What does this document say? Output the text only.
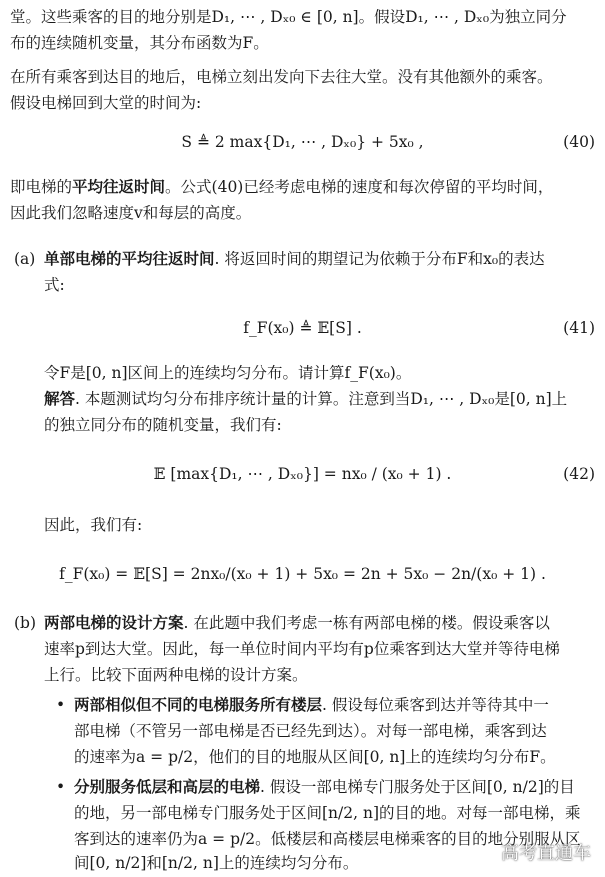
堂。这些乘客的目的地分别是D₁, ⋯ , Dₓ₀ ∈ [0, n]。假设D₁, ⋯ , Dₓ₀为独立同分
布的连续随机变量，其分布函数为F。
在所有乘客到达目的地后，电梯立刻出发向下去往大堂。没有其他额外的乘客。
假设电梯回到大堂的时间为:
S ≜ 2 max{D₁, ⋯ , Dₓ₀} + 5x₀ ,	(40)
即电梯的平均往返时间。公式(40)已经考虑电梯的速度和每次停留的平均时间，
因此我们忽略速度v和每层的高度。
(a) 单部电梯的平均往返时间. 将返回时间的期望记为依赖于分布F和x₀的表达
式:
f_F(x₀) ≜ 𝔼[S] .	(41)
令F是[0, n]区间上的连续均匀分布。请计算f_F(x₀)。
解答. 本题测试均匀分布排序统计量的计算。注意到当D₁, ⋯ , Dₓ₀是[0, n]上
的独立同分布的随机变量，我们有:
𝔼 [max{D₁, ⋯ , Dₓ₀}] = nx₀ / (x₀ + 1) .	(42)
因此，我们有:
f_F(x₀) = 𝔼[S] = 2nx₀/(x₀ + 1) + 5x₀ = 2n + 5x₀ − 2n/(x₀ + 1) .
(b) 两部电梯的设计方案. 在此题中我们考虑一栋有两部电梯的楼。假设乘客以
速率p到达大堂。因此，每一单位时间内平均有p位乘客到达大堂并等待电梯
上行。比较下面两种电梯的设计方案。
• 两部相似但不同的电梯服务所有楼层. 假设每位乘客到达并等待其中一
部电梯（不管另一部电梯是否已经先到达）。对每一部电梯，乘客到达
的速率为a = p/2，他们的目的地服从区间[0, n]上的连续均匀分布F。
• 分别服务低层和高层的电梯. 假设一部电梯专门服务处于区间[0, n/2]的目
的地，另一部电梯专门服务处于区间[n/2, n]的目的地。对每一部电梯，乘
客到达的速率仍为a = p/2。低楼层和高楼层电梯乘客的目的地分别服从区
间[0, n/2]和[n/2, n]上的连续均匀分布。	高考直通车
